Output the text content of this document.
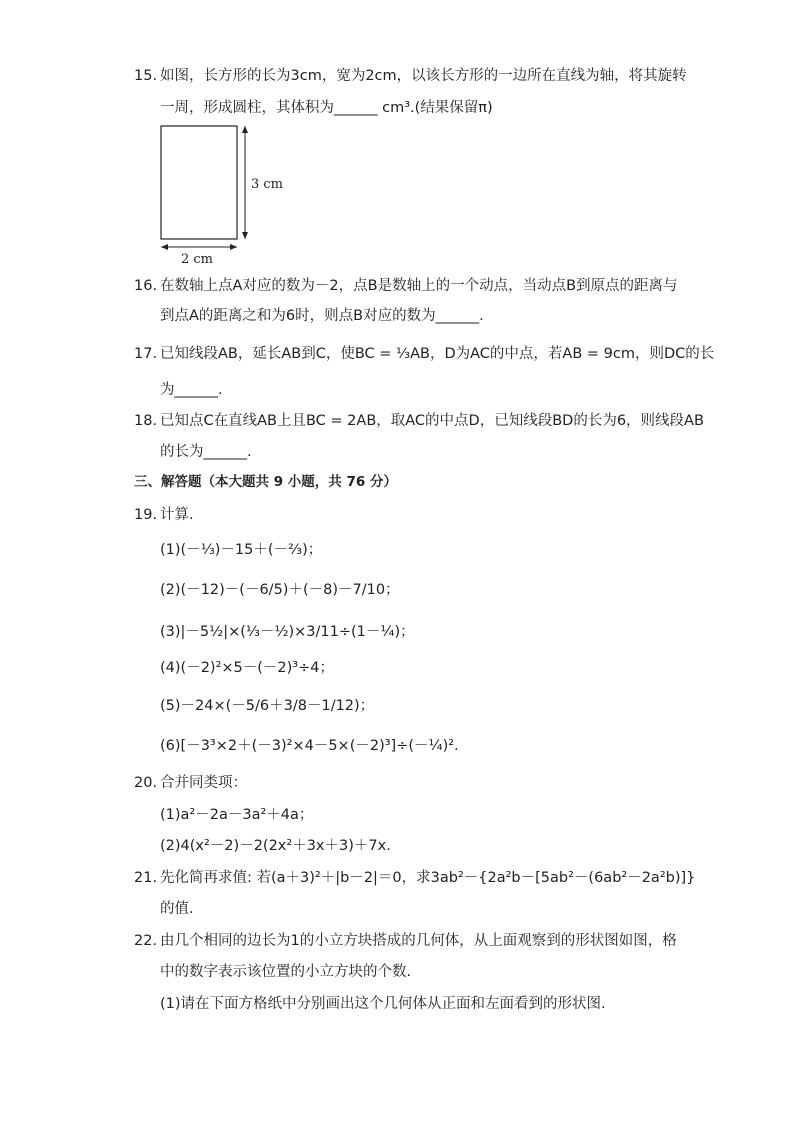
15. 如图，长方形的长为3cm，宽为2cm，以该长方形的一边所在直线为轴，将其旋转
一周，形成圆柱，其体积为______ cm³.(结果保留π)
3 cm
2 cm
16. 在数轴上点A对应的数为－2，点B是数轴上的一个动点，当动点B到原点的距离与
到点A的距离之和为6时，则点B对应的数为______.
17. 已知线段AB，延长AB到C，使BC = ⅓AB，D为AC的中点，若AB = 9cm，则DC的长
为______.
18. 已知点C在直线AB上且BC = 2AB，取AC的中点D，已知线段BD的长为6，则线段AB
的长为______.
三、解答题（本大题共 9 小题，共 76 分）
19. 计算.
(1)(－⅓)－15＋(－⅔)；
(2)(－12)－(－6/5)＋(－8)－7/10；
(3)|－5½|×(⅓－½)×3/11÷(1－¼)；
(4)(－2)²×5－(－2)³÷4；
(5)－24×(－5/6＋3/8－1/12)；
(6)[－3³×2＋(－3)²×4－5×(－2)³]÷(－¼)².
20. 合并同类项：
(1)a²－2a－3a²＋4a；
(2)4(x²－2)－2(2x²＋3x＋3)＋7x.
21. 先化简再求值: 若(a＋3)²＋|b－2|＝0，求3ab²－{2a²b－[5ab²－(6ab²－2a²b)]}
的值.
22. 由几个相同的边长为1的小立方块搭成的几何体，从上面观察到的形状图如图，格
中的数字表示该位置的小立方块的个数.
(1)请在下面方格纸中分别画出这个几何体从正面和左面看到的形状图.
